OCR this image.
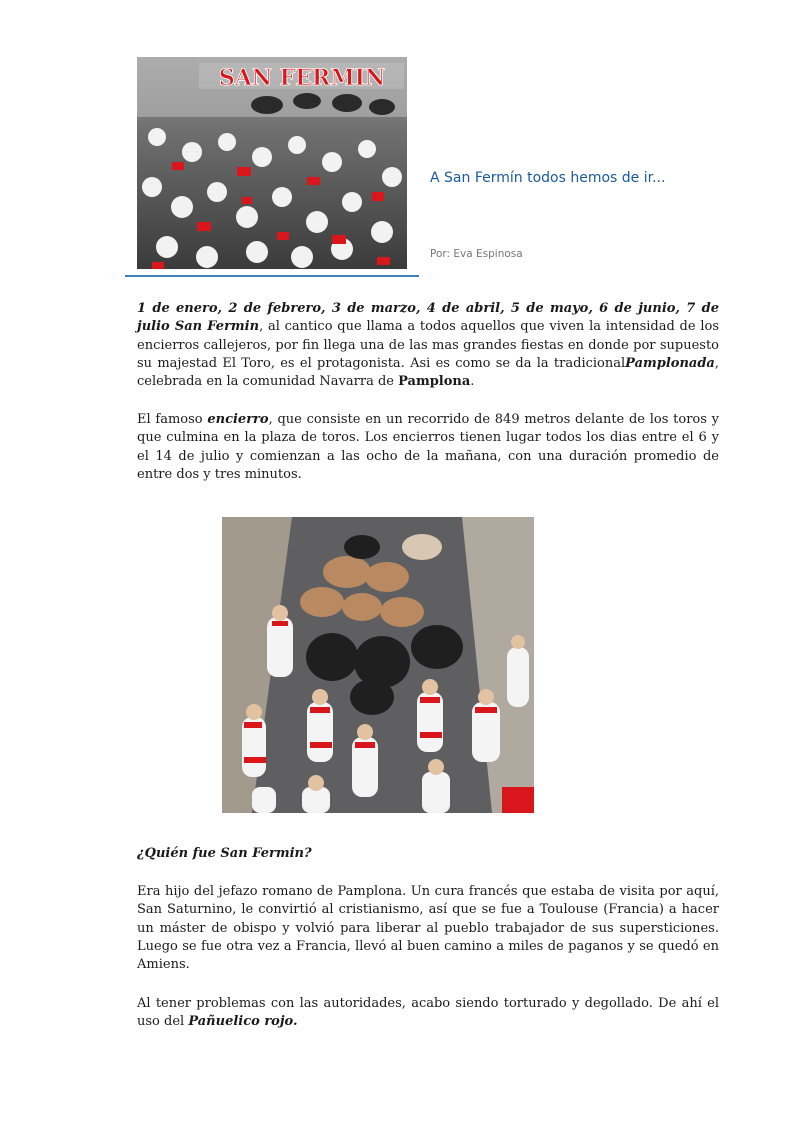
SAN FERMIN
A San Fermín todos hemos de ir...
Por: Eva Espinosa

1 de enero, 2 de febrero, 3 de marzo, 4 de abril, 5 de mayo, 6 de junio, 7 de julio San Fermin, al cantico que llama a todos aquellos que viven la intensidad de los encierros callejeros, por fin llega una de las mas grandes fiestas en donde por supuesto su majestad El Toro, es el protagonista. Asi es como se da la tradicionalPamplonada, celebrada en la comunidad Navarra de Pamplona.

El famoso encierro, que consiste en un recorrido de 849 metros delante de los toros y que culmina en la plaza de toros. Los encierros tienen lugar todos los dias entre el 6 y el 14 de julio y comienzan a las ocho de la mañana, con una duración promedio de entre dos y tres minutos.

¿Quién fue San Fermin?

Era hijo del jefazo romano de Pamplona. Un cura francés que estaba de visita por aquí, San Saturnino, le convirtió al cristianismo, así que se fue a Toulouse (Francia) a hacer un máster de obispo y volvió para liberar al pueblo trabajador de sus supersticiones. Luego se fue otra vez a Francia, llevó al buen camino a miles de paganos y se quedó en Amiens.

Al tener problemas con las autoridades, acabo siendo torturado y degollado. De ahí el uso del Pañuelico rojo.
